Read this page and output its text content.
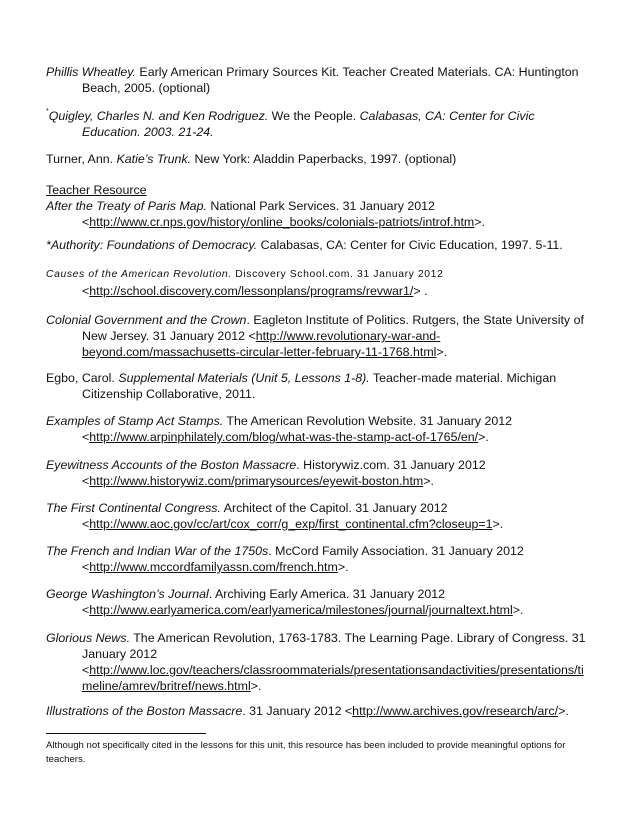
Phillis Wheatley. Early American Primary Sources Kit. Teacher Created Materials. CA: Huntington
Beach, 2005. (optional)
*Quigley, Charles N. and Ken Rodriguez. We the People. Calabasas, CA: Center for Civic
Education. 2003. 21-24.
Turner, Ann. Katie’s Trunk. New York: Aladdin Paperbacks, 1997. (optional)
Teacher Resource
After the Treaty of Paris Map. National Park Services. 31 January 2012
<http://www.cr.nps.gov/history/online_books/colonials-patriots/introf.htm>.
*Authority: Foundations of Democracy. Calabasas, CA: Center for Civic Education, 1997. 5-11.
Causes of the American Revolution. Discovery School.com. 31 January 2012
<http://school.discovery.com/lessonplans/programs/revwar1/> .
Colonial Government and the Crown. Eagleton Institute of Politics. Rutgers, the State University of
New Jersey. 31 January 2012 <http://www.revolutionary-war-and-
beyond.com/massachusetts-circular-letter-february-11-1768.html>.
Egbo, Carol. Supplemental Materials (Unit 5, Lessons 1-8). Teacher-made material. Michigan
Citizenship Collaborative, 2011.
Examples of Stamp Act Stamps. The American Revolution Website. 31 January 2012
<http://www.arpinphilately.com/blog/what-was-the-stamp-act-of-1765/en/>.
Eyewitness Accounts of the Boston Massacre. Historywiz.com. 31 January 2012
<http://www.historywiz.com/primarysources/eyewit-boston.htm>.
The First Continental Congress. Architect of the Capitol. 31 January 2012
<http://www.aoc.gov/cc/art/cox_corr/g_exp/first_continental.cfm?closeup=1>.
The French and Indian War of the 1750s. McCord Family Association. 31 January 2012
<http://www.mccordfamilyassn.com/french.htm>.
George Washington’s Journal. Archiving Early America. 31 January 2012
<http://www.earlyamerica.com/earlyamerica/milestones/journal/journaltext.html>.
Glorious News. The American Revolution, 1763-1783. The Learning Page. Library of Congress. 31
January 2012
<http://www.loc.gov/teachers/classroommaterials/presentationsandactivities/presentations/ti
meline/amrev/britref/news.html>.
Illustrations of the Boston Massacre. 31 January 2012 <http://www.archives.gov/research/arc/>.
Although not specifically cited in the lessons for this unit, this resource has been included to provide meaningful options for teachers.
